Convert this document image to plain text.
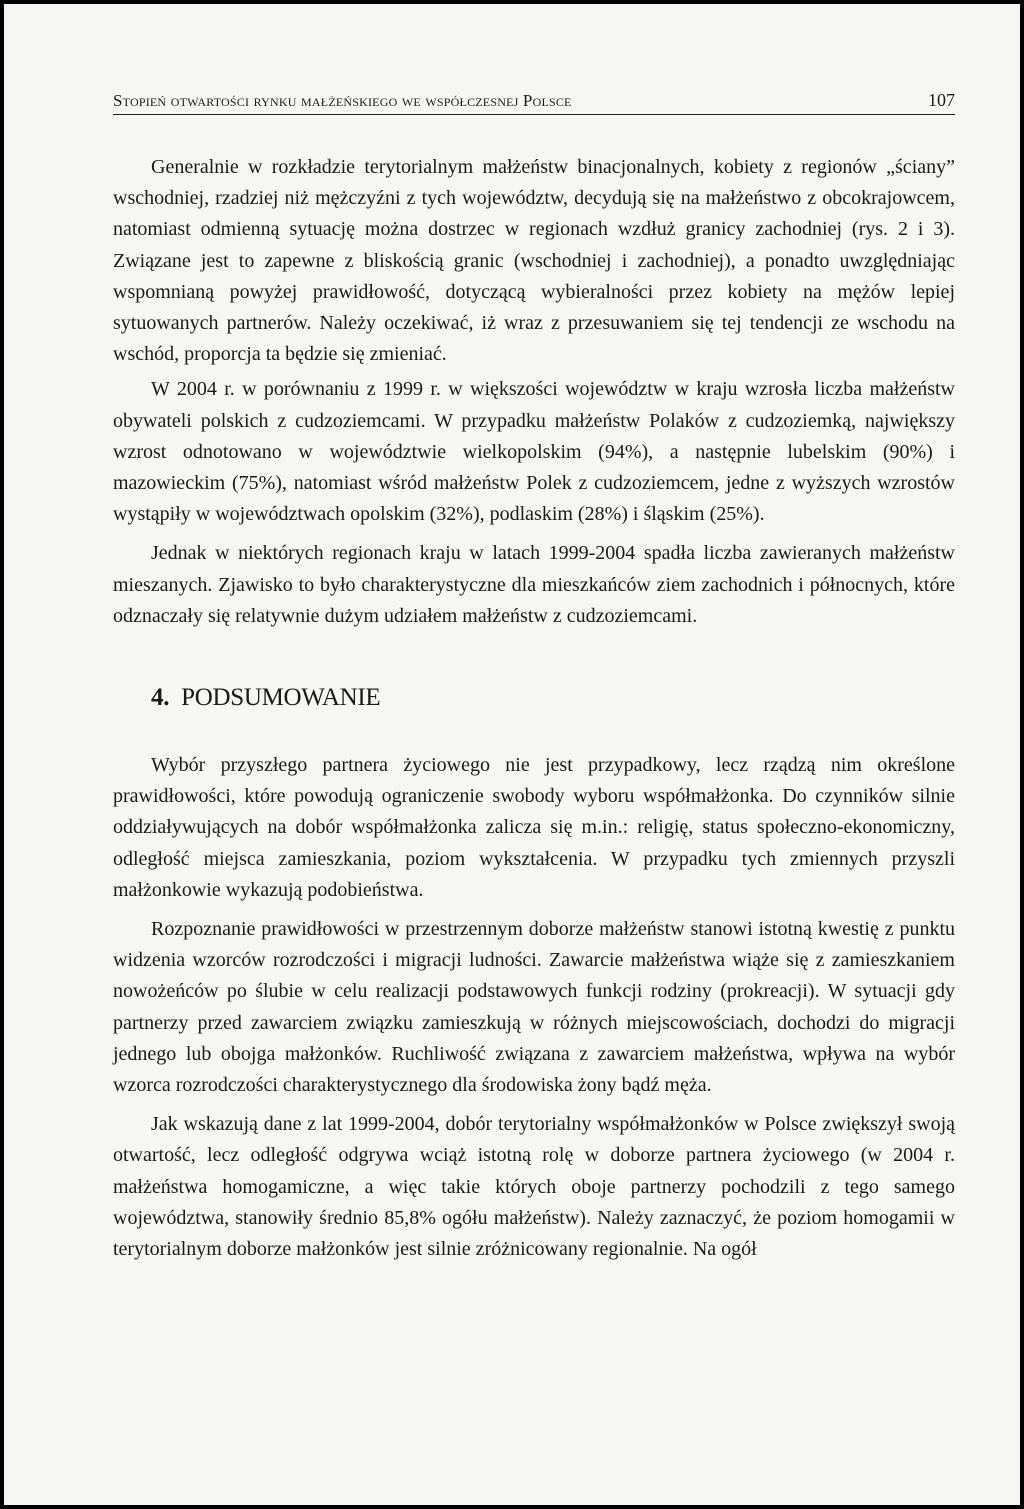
Stopień otwartości rynku małżeńskiego we współczesnej Polsce	107

Generalnie w rozkładzie terytorialnym małżeństw binacjonalnych, kobiety z regionów „ściany” wschodniej, rzadziej niż mężczyźni z tych województw, decydują się na małżeństwo z obcokrajowcem, natomiast odmienną sytuację można dostrzec w regionach wzdłuż granicy zachodniej (rys. 2 i 3). Związane jest to zapewne z bliskością granic (wschodniej i zachodniej), a ponadto uwzględniając wspomnianą powyżej prawidłowość, dotyczącą wybieralności przez kobiety na mężów lepiej sytuowanych partnerów. Należy oczekiwać, iż wraz z przesuwaniem się tej tendencji ze wschodu na wschód, proporcja ta będzie się zmieniać.

W 2004 r. w porównaniu z 1999 r. w większości województw w kraju wzrosła liczba małżeństw obywateli polskich z cudzoziemcami. W przypadku małżeństw Polaków z cudzoziemką, największy wzrost odnotowano w województwie wielkopolskim (94%), a następnie lubelskim (90%) i mazowieckim (75%), natomiast wśród małżeństw Polek z cudzoziemcem, jedne z wyższych wzrostów wystąpiły w województwach opolskim (32%), podlaskim (28%) i śląskim (25%).

Jednak w niektórych regionach kraju w latach 1999-2004 spadła liczba zawieranych małżeństw mieszanych. Zjawisko to było charakterystyczne dla mieszkańców ziem zachodnich i północnych, które odznaczały się relatywnie dużym udziałem małżeństw z cudzoziemcami.

4. PODSUMOWANIE

Wybór przyszłego partnera życiowego nie jest przypadkowy, lecz rządzą nim określone prawidłowości, które powodują ograniczenie swobody wyboru współmałżonka. Do czynników silnie oddziaływujących na dobór współmałżonka zalicza się m.in.: religię, status społeczno-ekonomiczny, odległość miejsca zamieszkania, poziom wykształcenia. W przypadku tych zmiennych przyszli małżonkowie wykazują podobieństwa.

Rozpoznanie prawidłowości w przestrzennym doborze małżeństw stanowi istotną kwestię z punktu widzenia wzorców rozrodczości i migracji ludności. Zawarcie małżeństwa wiąże się z zamieszkaniem nowożeńców po ślubie w celu realizacji podstawowych funkcji rodziny (prokreacji). W sytuacji gdy partnerzy przed zawarciem związku zamieszkują w różnych miejscowościach, dochodzi do migracji jednego lub obojga małżonków. Ruchliwość związana z zawarciem małżeństwa, wpływa na wybór wzorca rozrodczości charakterystycznego dla środowiska żony bądź męża.

Jak wskazują dane z lat 1999-2004, dobór terytorialny współmałżonków w Polsce zwiększył swoją otwartość, lecz odległość odgrywa wciąż istotną rolę w doborze partnera życiowego (w 2004 r. małżeństwa homogamiczne, a więc takie których oboje partnerzy pochodzili z tego samego województwa, stanowiły średnio 85,8% ogółu małżeństw). Należy zaznaczyć, że poziom homogamii w terytorialnym doborze małżonków jest silnie zróżnicowany regionalnie. Na ogół
